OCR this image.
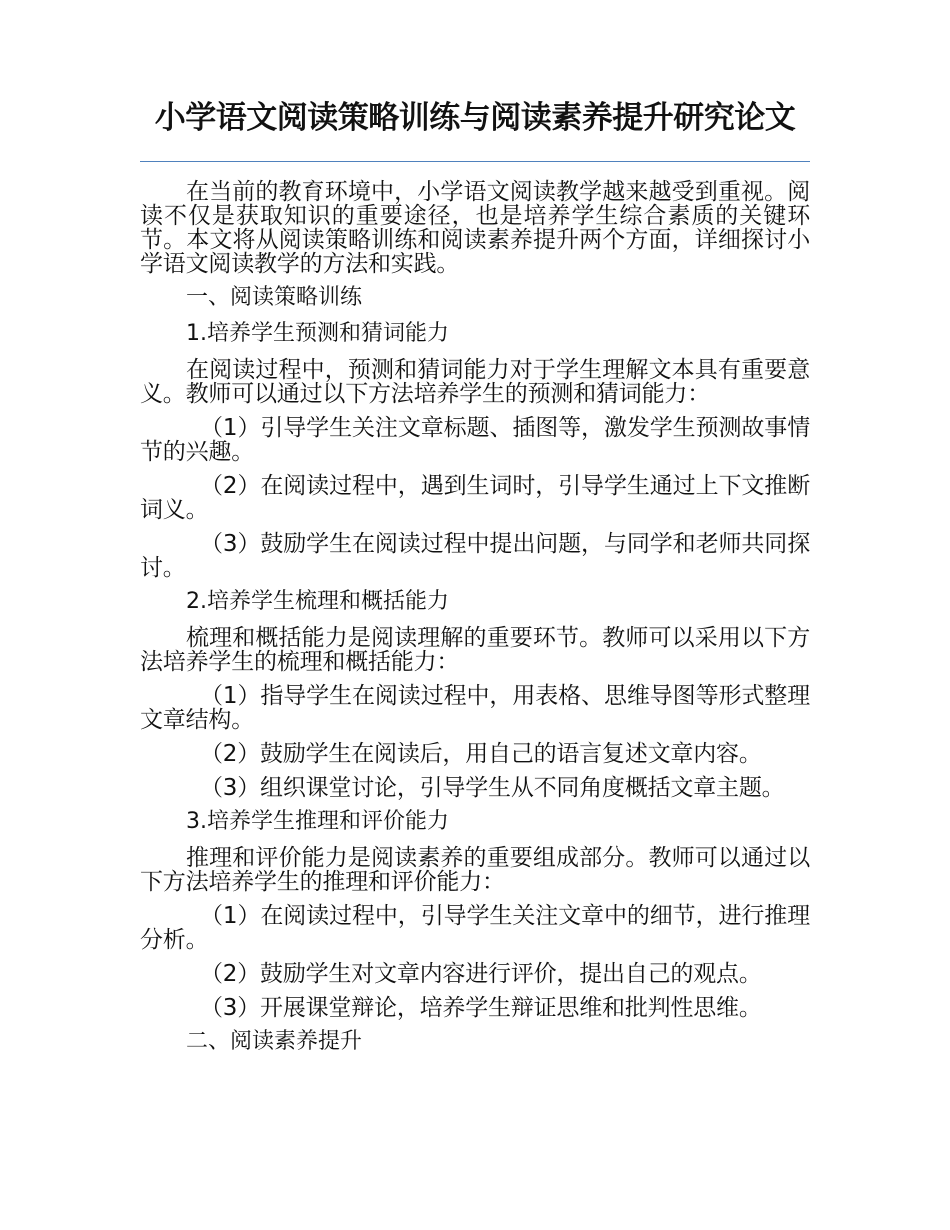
小学语文阅读策略训练与阅读素养提升研究论文

在当前的教育环境中，小学语文阅读教学越来越受到重视。阅读不仅是获取知识的重要途径，也是培养学生综合素质的关键环节。本文将从阅读策略训练和阅读素养提升两个方面，详细探讨小学语文阅读教学的方法和实践。

一、阅读策略训练

1.培养学生预测和猜词能力

在阅读过程中，预测和猜词能力对于学生理解文本具有重要意义。教师可以通过以下方法培养学生的预测和猜词能力：

（1）引导学生关注文章标题、插图等，激发学生预测故事情节的兴趣。

（2）在阅读过程中，遇到生词时，引导学生通过上下文推断词义。

（3）鼓励学生在阅读过程中提出问题，与同学和老师共同探讨。

2.培养学生梳理和概括能力

梳理和概括能力是阅读理解的重要环节。教师可以采用以下方法培养学生的梳理和概括能力：

（1）指导学生在阅读过程中，用表格、思维导图等形式整理文章结构。

（2）鼓励学生在阅读后，用自己的语言复述文章内容。

（3）组织课堂讨论，引导学生从不同角度概括文章主题。

3.培养学生推理和评价能力

推理和评价能力是阅读素养的重要组成部分。教师可以通过以下方法培养学生的推理和评价能力：

（1）在阅读过程中，引导学生关注文章中的细节，进行推理分析。

（2）鼓励学生对文章内容进行评价，提出自己的观点。

（3）开展课堂辩论，培养学生辩证思维和批判性思维。

二、阅读素养提升
